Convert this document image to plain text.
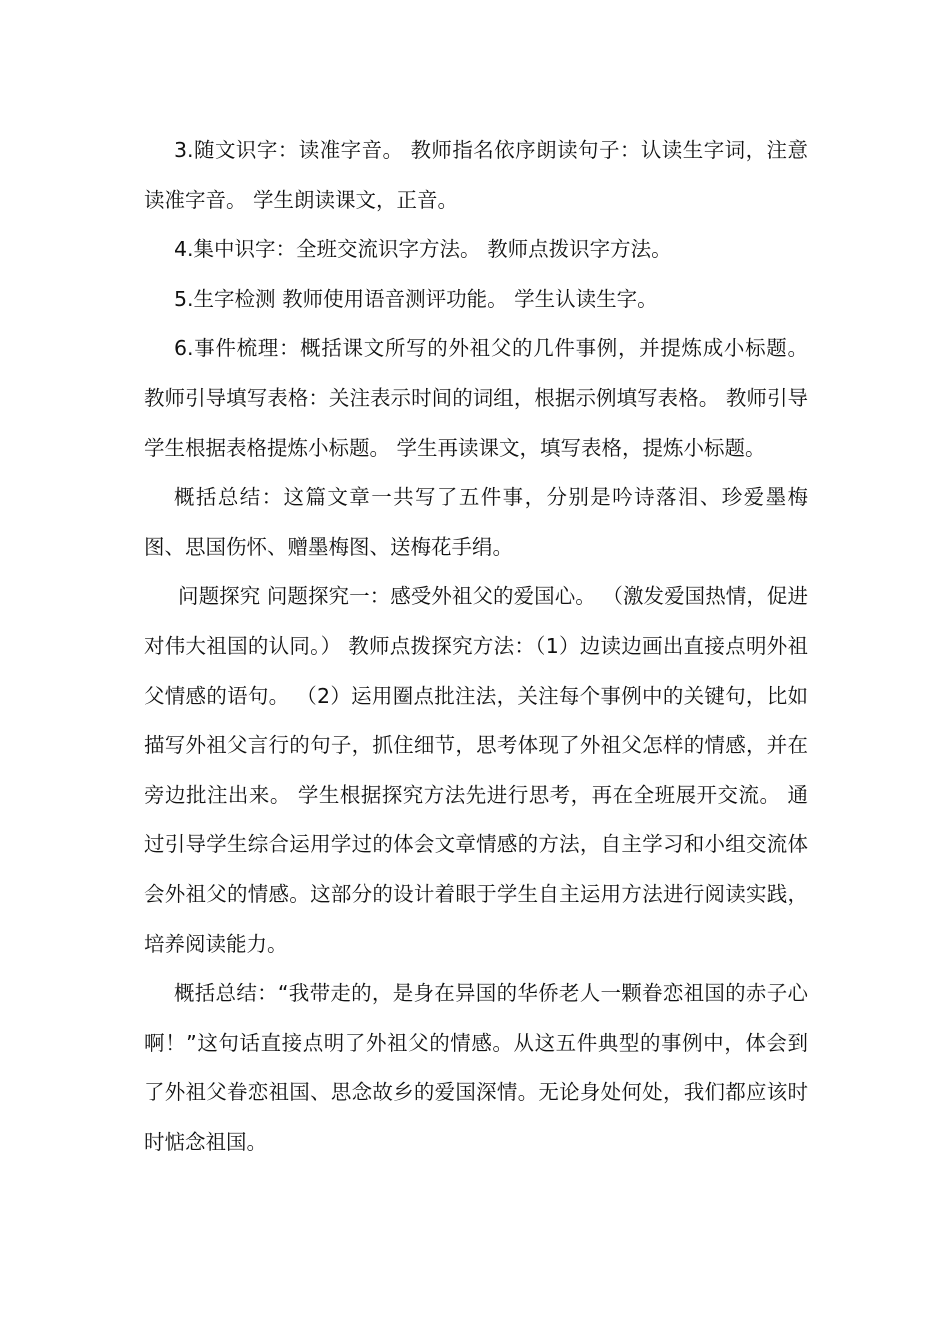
3.随文识字：读准字音。 教师指名依序朗读句子：认读生字词，注意读准字音。 学生朗读课文，正音。

4.集中识字：全班交流识字方法。 教师点拨识字方法。

5.生字检测 教师使用语音测评功能。 学生认读生字。

6.事件梳理：概括课文所写的外祖父的几件事例，并提炼成小标题。 教师引导填写表格：关注表示时间的词组，根据示例填写表格。 教师引导学生根据表格提炼小标题。 学生再读课文，填写表格，提炼小标题。

概括总结：这篇文章一共写了五件事，分别是吟诗落泪、珍爱墨梅图、思国伤怀、赠墨梅图、送梅花手绢。

问题探究 问题探究一：感受外祖父的爱国心。 （激发爱国热情，促进对伟大祖国的认同。） 教师点拨探究方法：（1）边读边画出直接点明外祖父情感的语句。 （2）运用圈点批注法，关注每个事例中的关键句，比如描写外祖父言行的句子，抓住细节，思考体现了外祖父怎样的情感，并在旁边批注出来。 学生根据探究方法先进行思考，再在全班展开交流。 通过引导学生综合运用学过的体会文章情感的方法，自主学习和小组交流体会外祖父的情感。这部分的设计着眼于学生自主运用方法进行阅读实践，培养阅读能力。

概括总结：“我带走的，是身在异国的华侨老人一颗眷恋祖国的赤子心啊！”这句话直接点明了外祖父的情感。从这五件典型的事例中，体会到了外祖父眷恋祖国、思念故乡的爱国深情。无论身处何处，我们都应该时时惦念祖国。
